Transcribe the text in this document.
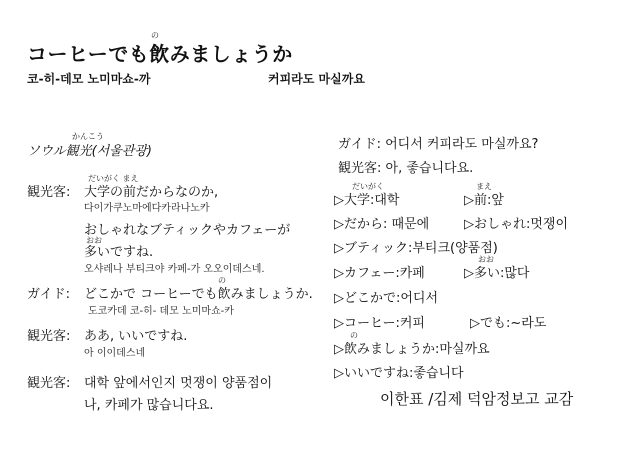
の
コーヒーでも飲みましょうか
코-히-데모 노미마쇼-까	커피라도 마실까요
かんこう
ソウル観光(서울관광)
観光客:
だいがく まえ
大学の前だからなのか,
다이가쿠노마에다카라나노카
おしゃれなブティックやカフェーが
おお
多いですね.
오샤레나 부티크야 카페-가 오오이데스네.
ガイド:
の
どこかで コーヒーでも飲みましょうか.
도코카데 코-히- 데모 노미마쇼-카
観光客: ああ, いいですね.
아 이이데스네
観光客: 대학 앞에서인지 멋쟁이 양품점이
나, 카페가 많습니다요.
ガイド: 어디서 커피라도 마실까요?
観光客: 아, 좋습니다요.
だいがく	まえ
▷大学:대학	▷前:앞
▷だから: 때문에	▷おしゃれ:멋쟁이
▷ブティック:부티크(양품점)
おお
▷カフェー:카페	▷多い:많다
▷どこかで:어디서
▷コーヒー:커피	▷でも:~라도
の
▷飲みましょうか:마실까요
▷いいですね:좋습니다
이한표 /김제 덕암정보고 교감
